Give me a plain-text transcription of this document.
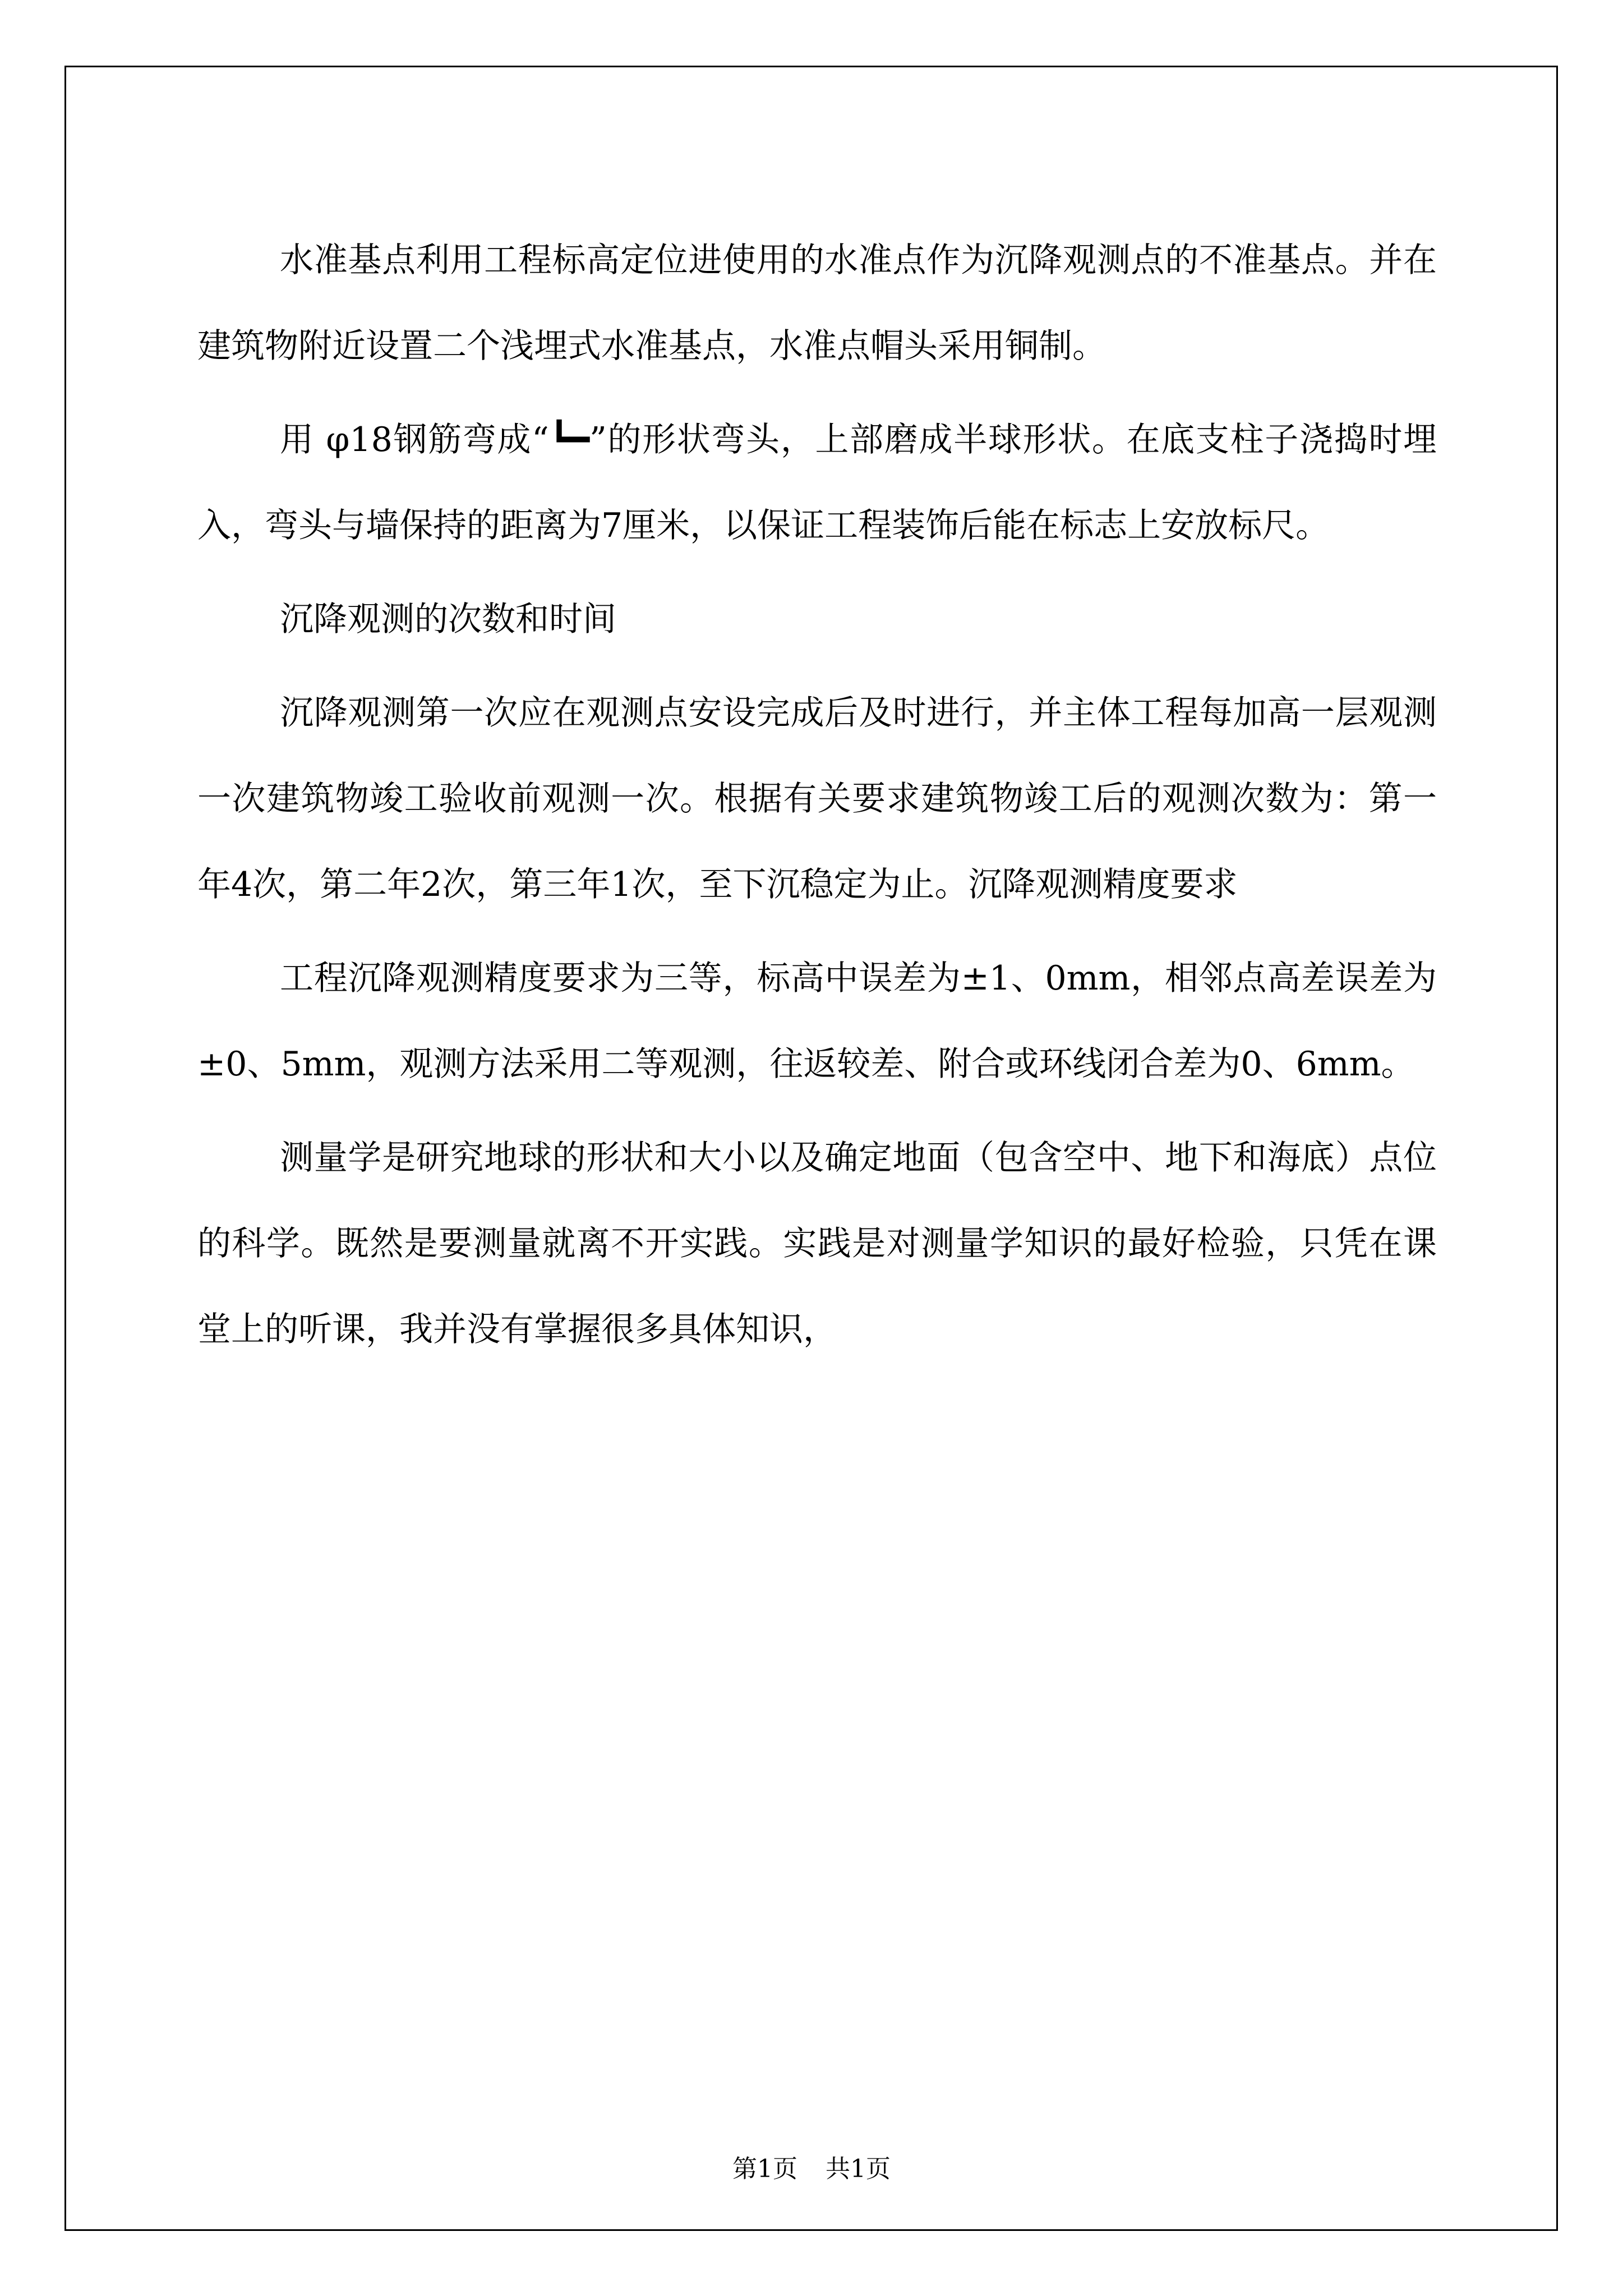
水准基点利用工程标高定位进使用的水准点作为沉降观测点的不准基点。并在建筑物附近设置二个浅埋式水准基点，水准点帽头采用铜制。

用 φ18钢筋弯成“┗━”的形状弯头，上部磨成半球形状。在底支柱子浇捣时埋入，弯头与墙保持的距离为7厘米，以保证工程装饰后能在标志上安放标尺。

沉降观测的次数和时间

沉降观测第一次应在观测点安设完成后及时进行，并主体工程每加高一层观测一次建筑物竣工验收前观测一次。根据有关要求建筑物竣工后的观测次数为：第一年4次，第二年2次，第三年1次，至下沉稳定为止。沉降观测精度要求

工程沉降观测精度要求为三等，标高中误差为±1、0mm，相邻点高差误差为±0、5mm，观测方法采用二等观测，往返较差、附合或环线闭合差为0、6mm。

测量学是研究地球的形状和大小以及确定地面（包含空中、地下和海底）点位的科学。既然是要测量就离不开实践。实践是对测量学知识的最好检验，只凭在课堂上的听课，我并没有掌握很多具体知识，

第1页 共1页
